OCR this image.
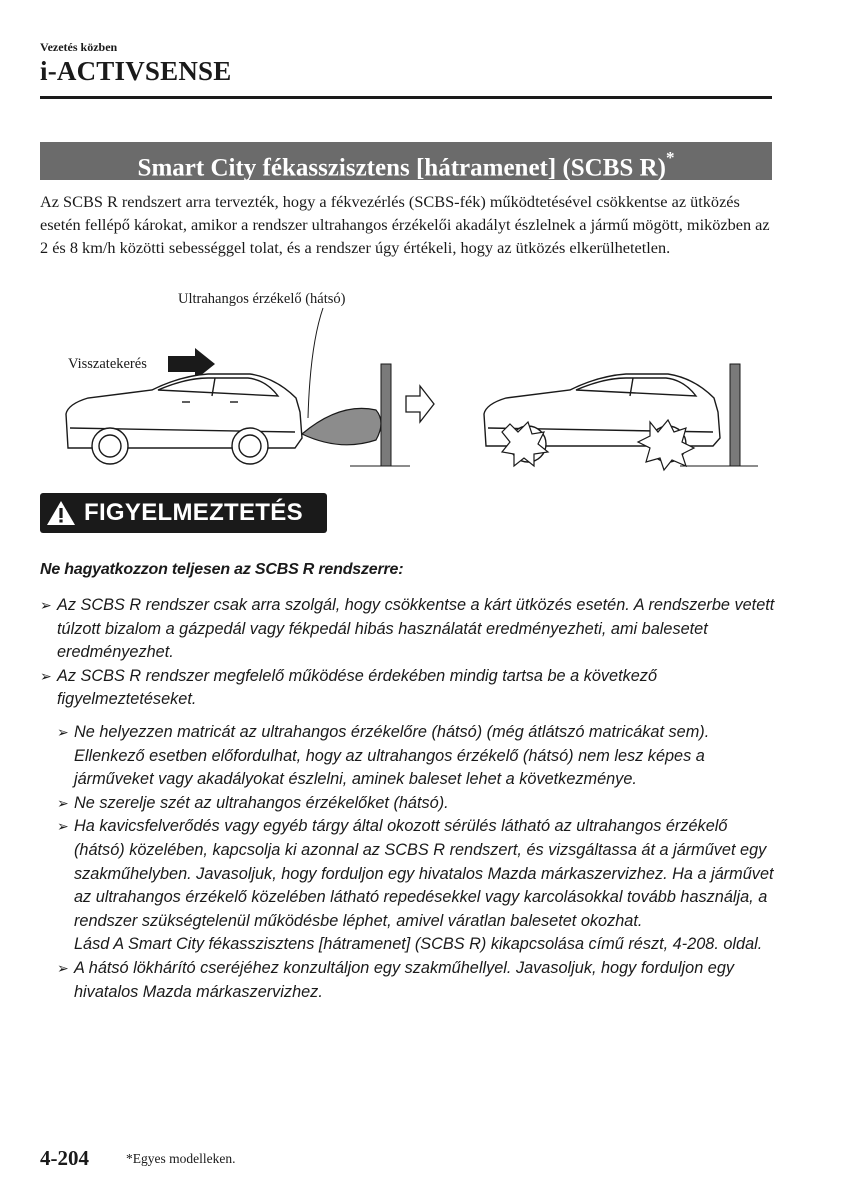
Vezetés közben
i-ACTIVSENSE
Smart City fékasszisztens [hátramenet] (SCBS R)*
Az SCBS R rendszert arra tervezték, hogy a fékvezérlés (SCBS-fék) működtetésével csökkentse az ütközés esetén fellépő károkat, amikor a rendszer ultrahangos érzékelői akadályt észlelnek a jármű mögött, miközben az 2 és 8 km/h közötti sebességgel tolat, és a rendszer úgy értékeli, hogy az ütközés elkerülhetetlen.
Ultrahangos érzékelő (hátsó)
Visszatekerés
FIGYELMEZTETÉS
Ne hagyatkozzon teljesen az SCBS R rendszerre:
➢ Az SCBS R rendszer csak arra szolgál, hogy csökkentse a kárt ütközés esetén. A rendszerbe vetett túlzott bizalom a gázpedál vagy fékpedál hibás használatát eredményezheti, ami balesetet eredményezhet.
➢ Az SCBS R rendszer megfelelő működése érdekében mindig tartsa be a következő figyelmeztetéseket.
➢ Ne helyezzen matricát az ultrahangos érzékelőre (hátsó) (még átlátszó matricákat sem). Ellenkező esetben előfordulhat, hogy az ultrahangos érzékelő (hátsó) nem lesz képes a járműveket vagy akadályokat észlelni, aminek baleset lehet a következménye.
➢ Ne szerelje szét az ultrahangos érzékelőket (hátsó).
➢ Ha kavicsfelverődés vagy egyéb tárgy által okozott sérülés látható az ultrahangos érzékelő (hátsó) közelében, kapcsolja ki azonnal az SCBS R rendszert, és vizsgáltassa át a járművet egy szakműhelyben. Javasoljuk, hogy forduljon egy hivatalos Mazda márkaszervizhez. Ha a járművet az ultrahangos érzékelő közelében látható repedésekkel vagy karcolásokkal tovább használja, a rendszer szükségtelenül működésbe léphet, amivel váratlan balesetet okozhat.
Lásd A Smart City fékasszisztens [hátramenet] (SCBS R) kikapcsolása című részt, 4-208. oldal.
➢ A hátsó lökhárító cseréjéhez konzultáljon egy szakműhellyel. Javasoljuk, hogy forduljon egy hivatalos Mazda márkaszervizhez.
4-204	*Egyes modelleken.
